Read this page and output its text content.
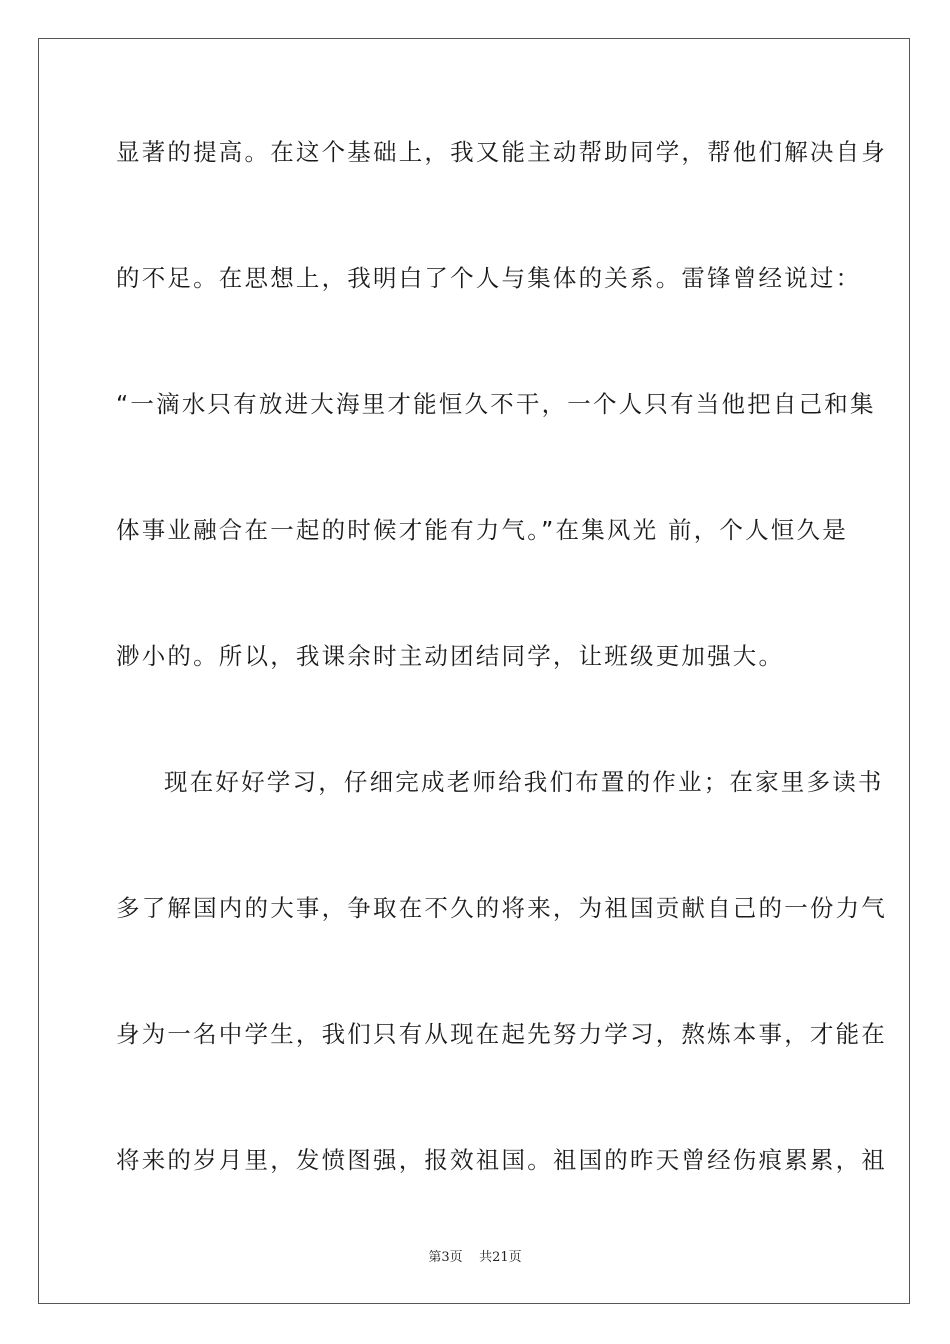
显著的提高。在这个基础上，我又能主动帮助同学，帮他们解决自身
的不足。在思想上，我明白了个人与集体的关系。雷锋曾经说过：
“一滴水只有放进大海里才能恒久不干，一个人只有当他把自己和集
体事业融合在一起的时候才能有力气。”在集风光 前，个人恒久是
渺小的。所以，我课余时主动团结同学，让班级更加强大。
现在好好学习，仔细完成老师给我们布置的作业；在家里多读书
多了解国内的大事，争取在不久的将来，为祖国贡献自己的一份力气
身为一名中学生，我们只有从现在起先努力学习，熬炼本事，才能在
将来的岁月里，发愤图强，报效祖国。祖国的昨天曾经伤痕累累，祖
第3页 共21页
